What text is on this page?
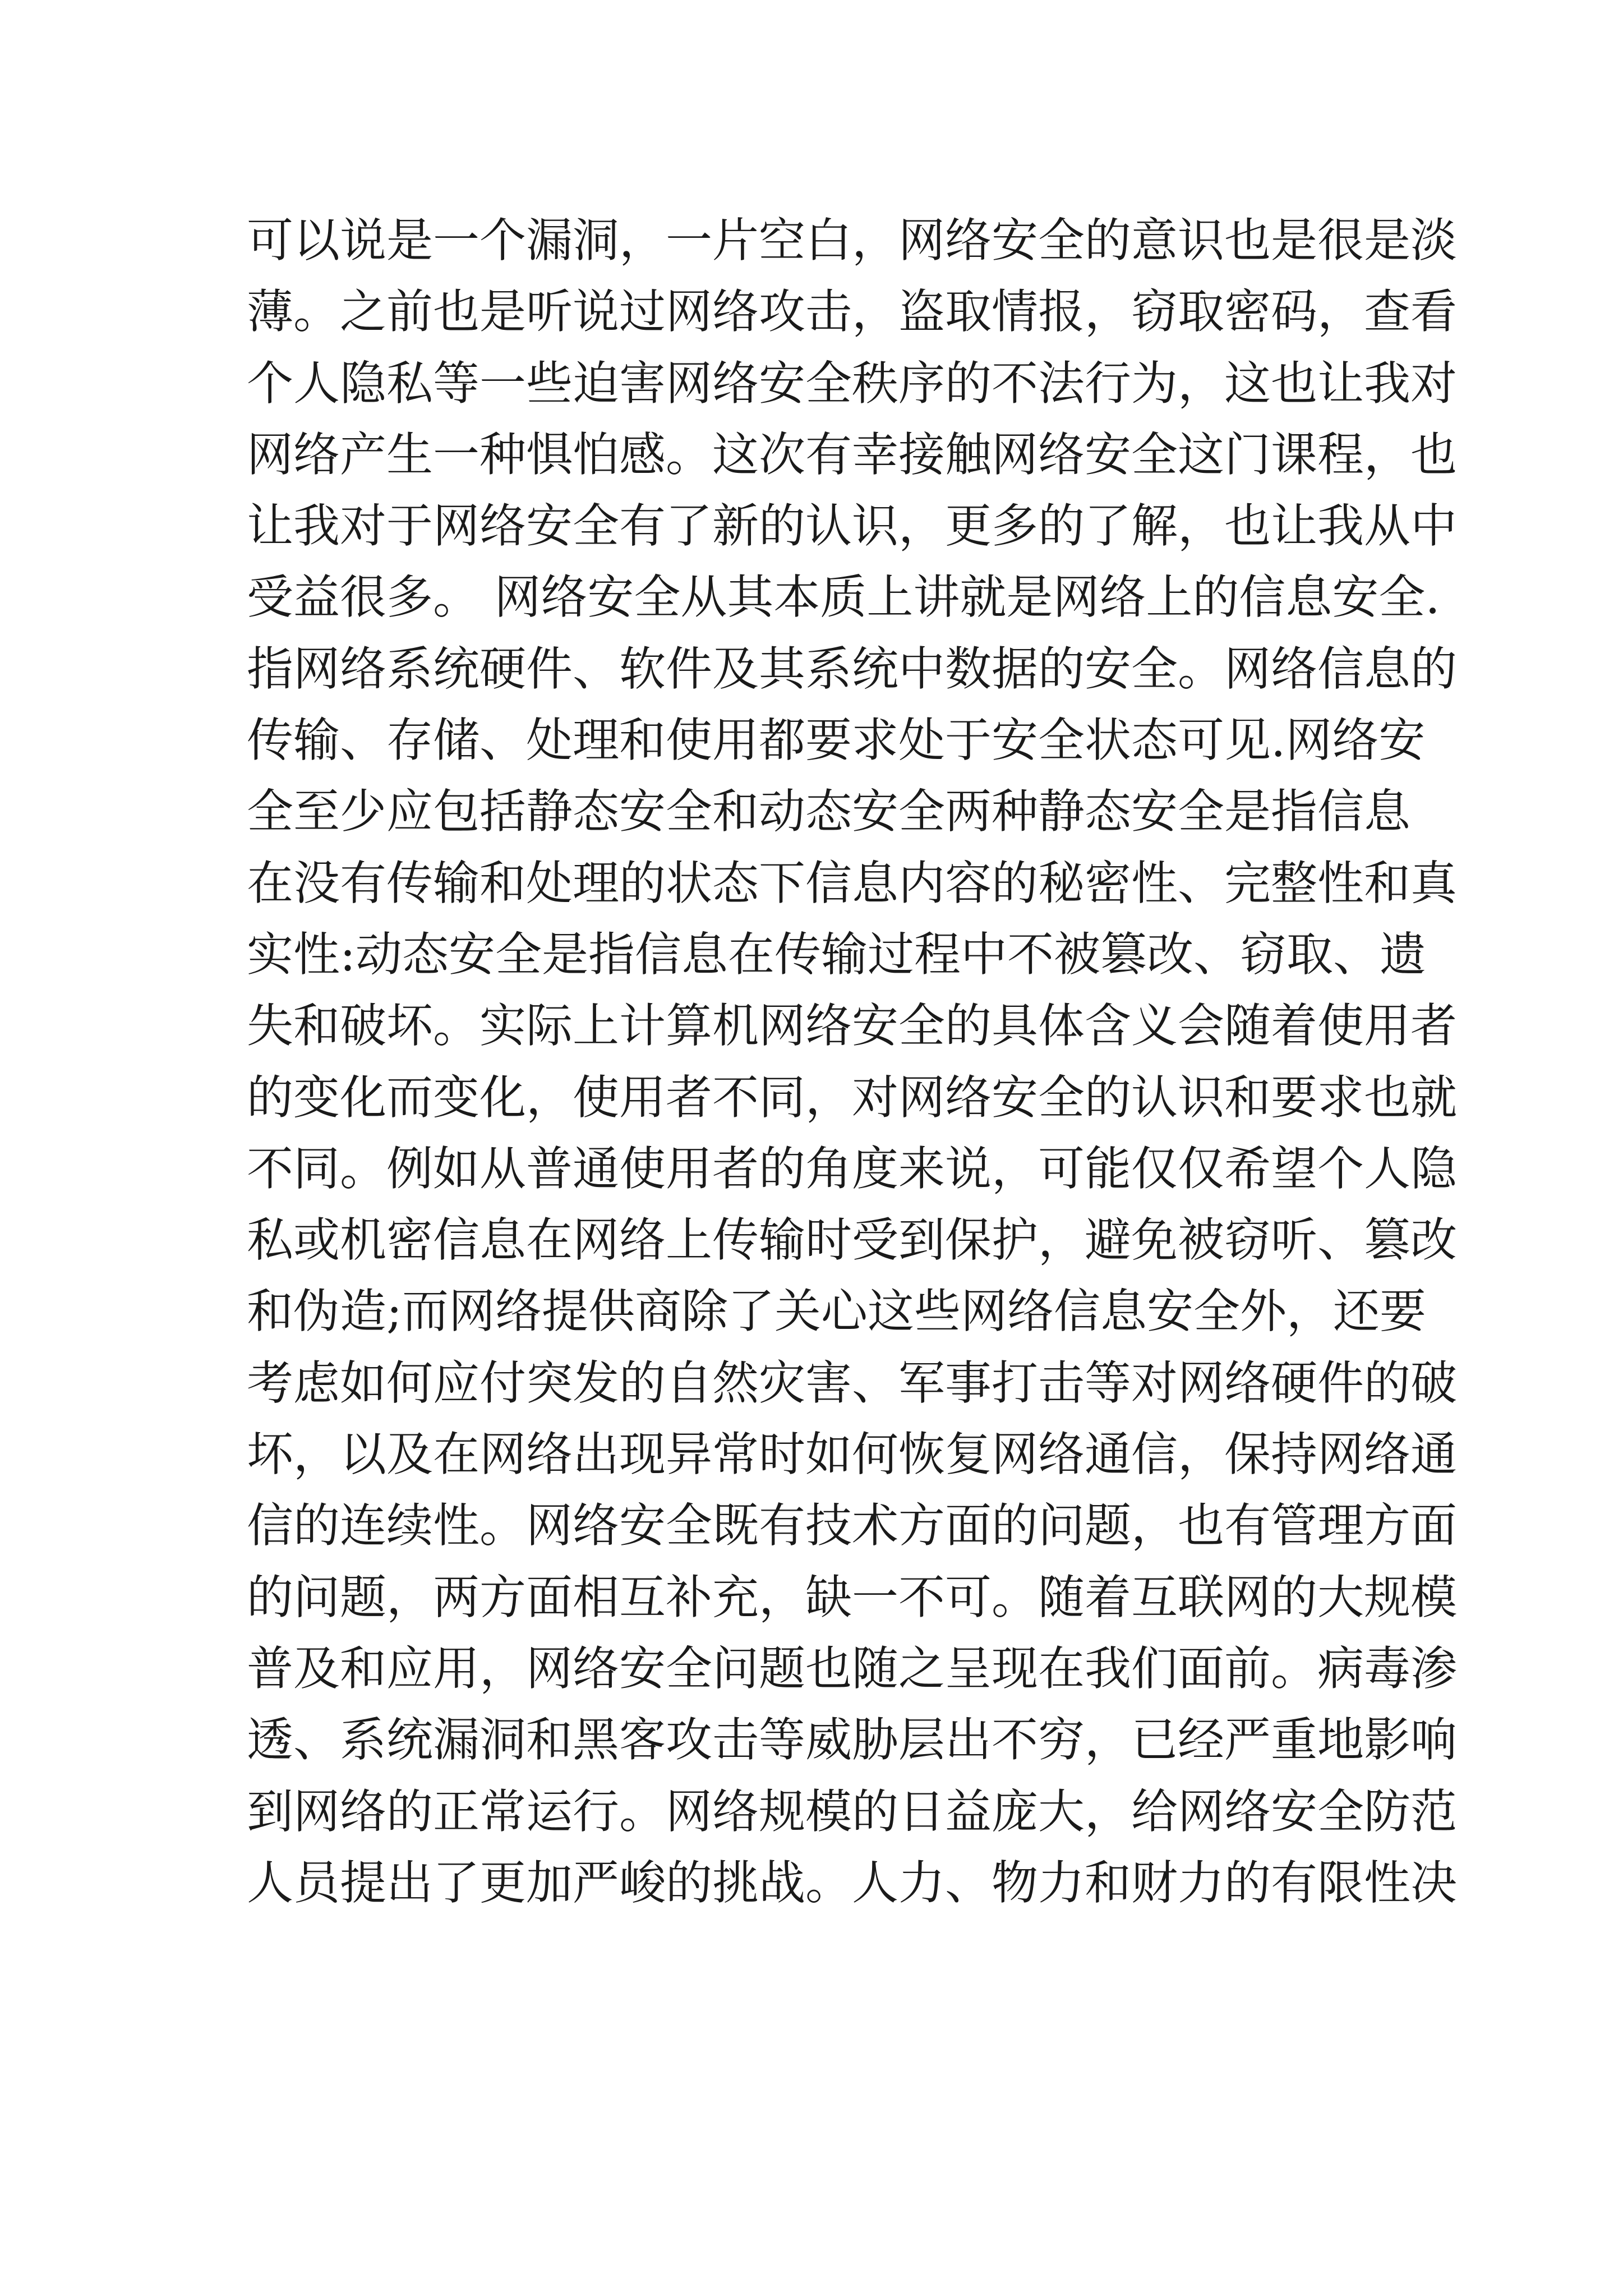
可以说是一个漏洞，一片空白，网络安全的意识也是很是淡
薄。之前也是听说过网络攻击，盗取情报，窃取密码，查看
个人隐私等一些迫害网络安全秩序的不法行为，这也让我对
网络产生一种惧怕感。这次有幸接触网络安全这门课程，也
让我对于网络安全有了新的认识，更多的了解，也让我从中
受益很多。 网络安全从其本质上讲就是网络上的信息安全.
指网络系统硬件、软件及其系统中数据的安全。网络信息的
传输、存储、处理和使用都要求处于安全状态可见.网络安
全至少应包括静态安全和动态安全两种静态安全是指信息
在没有传输和处理的状态下信息内容的秘密性、完整性和真
实性:动态安全是指信息在传输过程中不被篡改、窃取、遗
失和破坏。实际上计算机网络安全的具体含义会随着使用者
的变化而变化，使用者不同，对网络安全的认识和要求也就
不同。例如从普通使用者的角度来说，可能仅仅希望个人隐
私或机密信息在网络上传输时受到保护，避免被窃听、篡改
和伪造;而网络提供商除了关心这些网络信息安全外，还要
考虑如何应付突发的自然灾害、军事打击等对网络硬件的破
坏，以及在网络出现异常时如何恢复网络通信，保持网络通
信的连续性。网络安全既有技术方面的问题，也有管理方面
的问题，两方面相互补充，缺一不可。随着互联网的大规模
普及和应用，网络安全问题也随之呈现在我们面前。病毒渗
透、系统漏洞和黑客攻击等威胁层出不穷，已经严重地影响
到网络的正常运行。网络规模的日益庞大，给网络安全防范
人员提出了更加严峻的挑战。人力、物力和财力的有限性决
